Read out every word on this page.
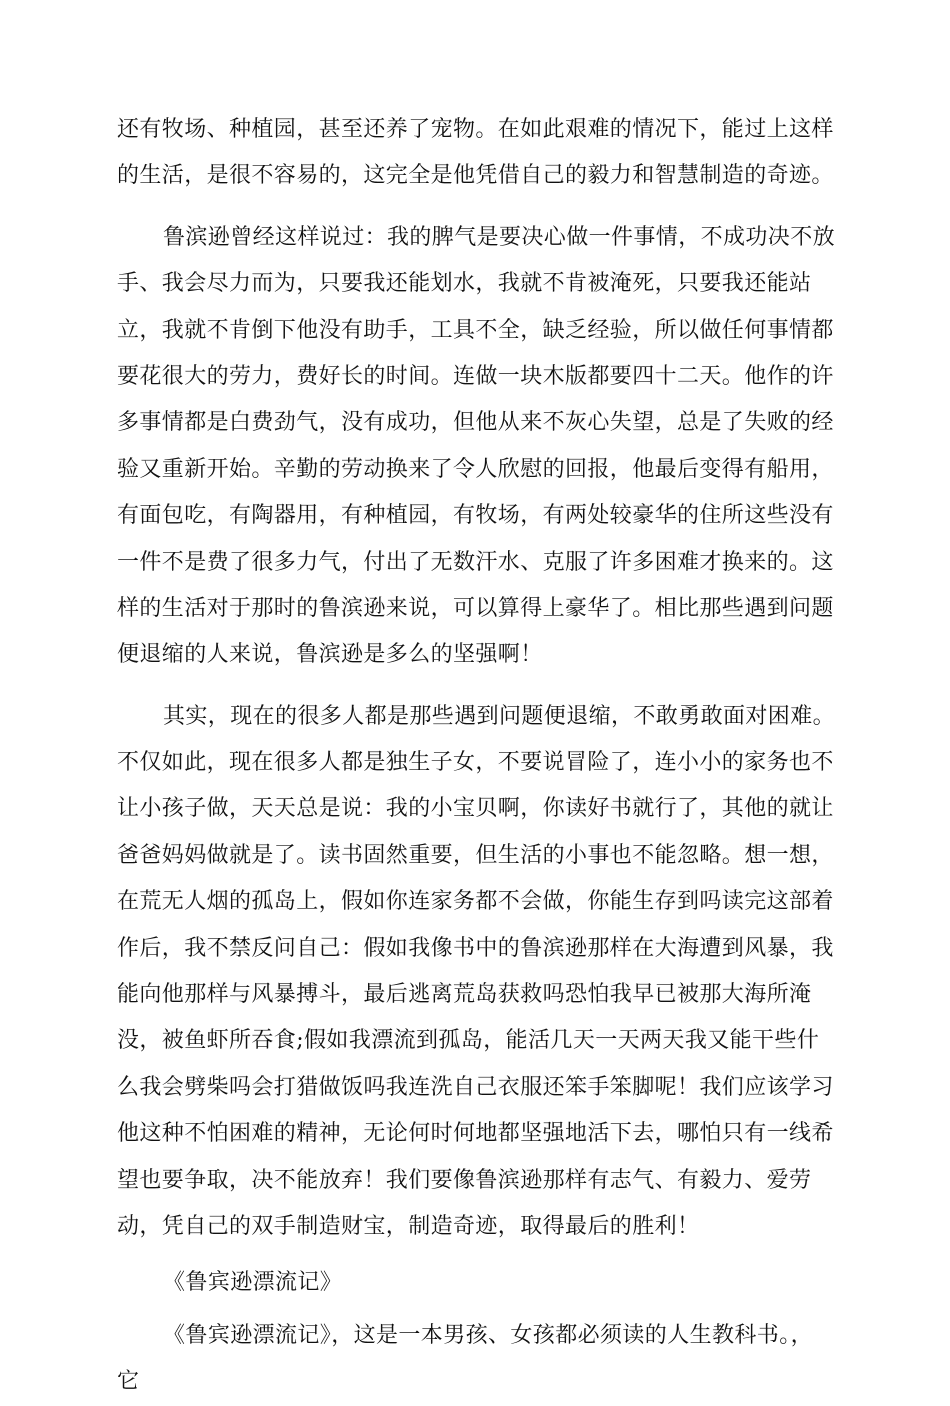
还有牧场、种植园，甚至还养了宠物。在如此艰难的情况下，能过上这样
的生活，是很不容易的，这完全是他凭借自己的毅力和智慧制造的奇迹。
鲁滨逊曾经这样说过：我的脾气是要决心做一件事情，不成功决不放
手、我会尽力而为，只要我还能划水，我就不肯被淹死，只要我还能站
立，我就不肯倒下他没有助手，工具不全，缺乏经验，所以做任何事情都
要花很大的劳力，费好长的时间。连做一块木版都要四十二天。他作的许
多事情都是白费劲气，没有成功，但他从来不灰心失望，总是了失败的经
验又重新开始。辛勤的劳动换来了令人欣慰的回报，他最后变得有船用，
有面包吃，有陶器用，有种植园，有牧场，有两处较豪华的住所这些没有
一件不是费了很多力气，付出了无数汗水、克服了许多困难才换来的。这
样的生活对于那时的鲁滨逊来说，可以算得上豪华了。相比那些遇到问题
便退缩的人来说，鲁滨逊是多么的坚强啊！
其实，现在的很多人都是那些遇到问题便退缩，不敢勇敢面对困难。
不仅如此，现在很多人都是独生子女，不要说冒险了，连小小的家务也不
让小孩子做，天天总是说：我的小宝贝啊，你读好书就行了，其他的就让
爸爸妈妈做就是了。读书固然重要，但生活的小事也不能忽略。想一想，
在荒无人烟的孤岛上，假如你连家务都不会做，你能生存到吗读完这部着
作后，我不禁反问自己：假如我像书中的鲁滨逊那样在大海遭到风暴，我
能向他那样与风暴搏斗，最后逃离荒岛获救吗恐怕我早已被那大海所淹
没，被鱼虾所吞食;假如我漂流到孤岛，能活几天一天两天我又能干些什
么我会劈柴吗会打猎做饭吗我连洗自己衣服还笨手笨脚呢！我们应该学习
他这种不怕困难的精神，无论何时何地都坚强地活下去，哪怕只有一线希
望也要争取，决不能放弃！我们要像鲁滨逊那样有志气、有毅力、爱劳
动，凭自己的双手制造财宝，制造奇迹，取得最后的胜利！
《鲁宾逊漂流记》
《鲁宾逊漂流记》，这是一本男孩、女孩都必须读的人生教科书。，
它
